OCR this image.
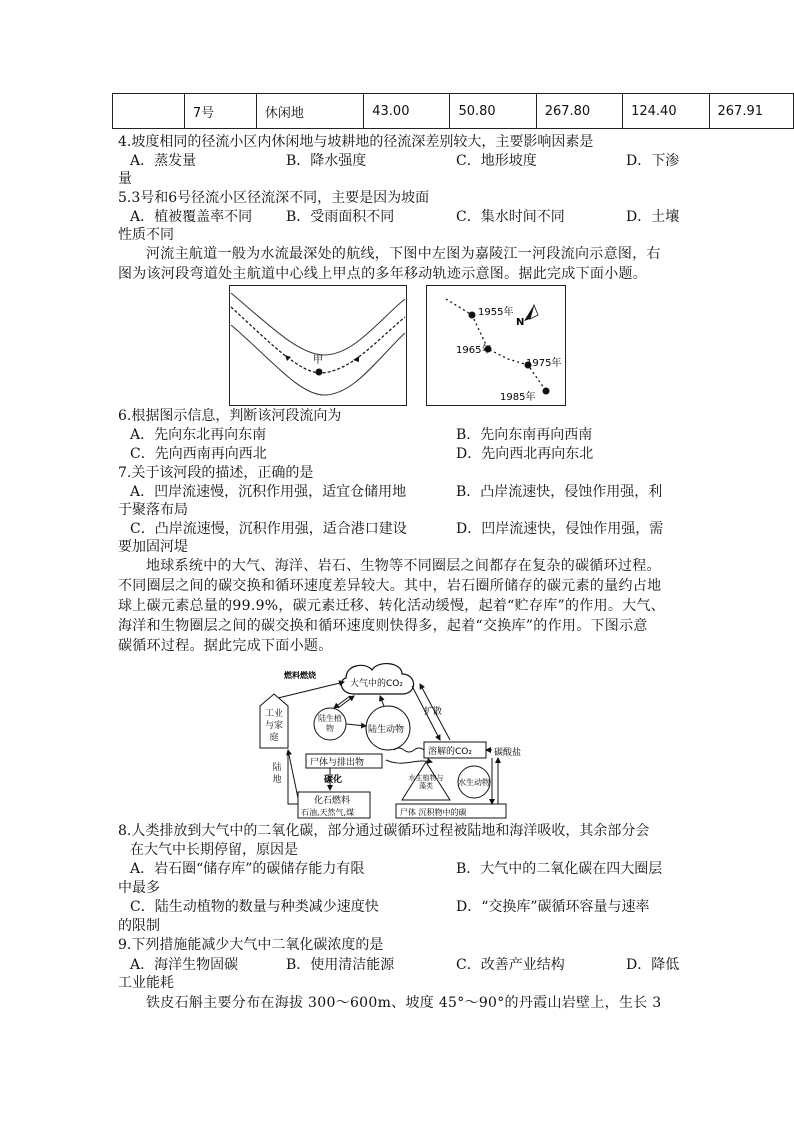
	7号	休闲地	43.00	50.80	267.80	124.40	267.91
4.坡度相同的径流小区内休闲地与坡耕地的径流深差别较大，主要影响因素是
A．蒸发量	B．降水强度	C．地形坡度	D．下渗
量
5.3号和6号径流小区径流深不同，主要是因为坡面
A．植被覆盖率不同 B．受雨面积不同	C．集水时间不同	D．土壤
性质不同
河流主航道一般为水流最深处的航线，下图中左图为嘉陵江一河段流向示意图，右
图为该河段弯道处主航道中心线上甲点的多年移动轨迹示意图。据此完成下面小题。
甲
1955年
1965年
1975年
1985年
N
6.根据图示信息，判断该河段流向为
A．先向东北再向东南	B．先向东南再向西南
C．先向西南再向西北	D．先向西北再向东北
7.关于该河段的描述，正确的是
A．凹岸流速慢，沉积作用强，适宜仓储用地	B．凸岸流速快，侵蚀作用强，利
于聚落布局
C．凸岸流速慢，沉积作用强，适合港口建设	D．凹岸流速快，侵蚀作用强，需
要加固河堤
地球系统中的大气、海洋、岩石、生物等不同圈层之间都存在复杂的碳循环过程。
不同圈层之间的碳交换和循环速度差异较大。其中，岩石圈所储存的碳元素的量约占地
球上碳元素总量的99.9%，碳元素迁移、转化活动缓慢，起着“贮存库”的作用。大气、
海洋和生物圈层之间的碳交换和循环速度则快得多，起着“交换库”的作用。下图示意
碳循环过程。据此完成下面小题。
大气中的CO₂
燃料燃烧
工业与家庭
陆生植物	陆生动物
扩散
溶解的CO₂ 碳酸盐
尸体与排出物
碳化
陆地
化石燃料
石油,天然气,煤
水生植物与藻类	水生动物
尸体 沉积物中的碳
8.人类排放到大气中的二氧化碳，部分通过碳循环过程被陆地和海洋吸收，其余部分会
在大气中长期停留，原因是
A．岩石圈“储存库”的碳储存能力有限	B．大气中的二氧化碳在四大圈层
中最多
C．陆生动植物的数量与种类减少速度快	D．“交换库”碳循环容量与速率
的限制
9.下列措施能减少大气中二氧化碳浓度的是
A．海洋生物固碳	B．使用清洁能源	C．改善产业结构	D．降低
工业能耗
铁皮石斛主要分布在海拔 300～600m、坡度 45°～90°的丹霞山岩壁上，生长 3
